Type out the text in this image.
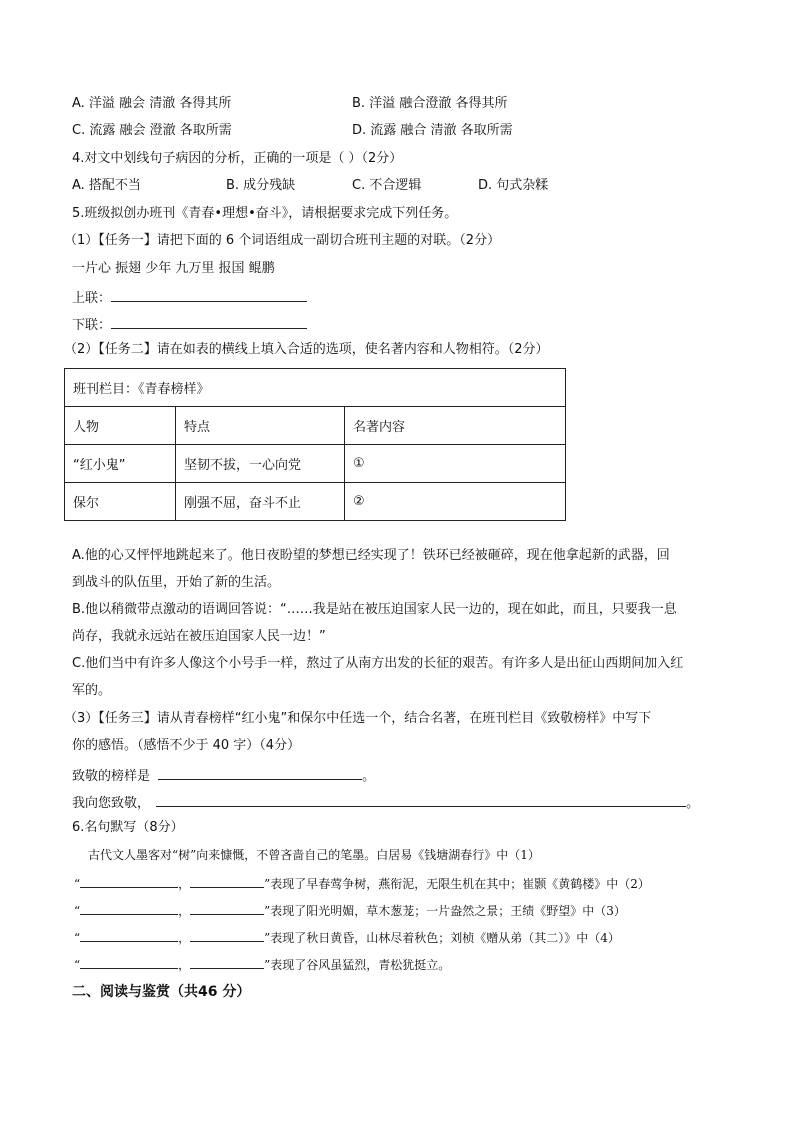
A. 洋溢 融会 清澈 各得其所	B. 洋溢 融合澄澈 各得其所
C. 流露 融会 澄澈 各取所需	D. 流露 融合 清澈 各取所需
4.对文中划线句子病因的分析，正确的一项是（ ）（2分）
A. 搭配不当	B. 成分残缺	C. 不合逻辑	D. 句式杂糅
5.班级拟创办班刊《青春•理想•奋斗》，请根据要求完成下列任务。
（1）【任务一】请把下面的 6 个词语组成一副切合班刊主题的对联。（2分）
一片心 振翅 少年 九万里 报国 鲲鹏
上联：
下联：
（2）【任务二】请在如表的横线上填入合适的选项，使名著内容和人物相符。（2分）
班刊栏目：《青春榜样》		
人物	特点	名著内容
“红小鬼”	坚韧不拔，一心向党	①
保尔	刚强不屈，奋斗不止	②
A.他的心又怦怦地跳起来了。他日夜盼望的梦想已经实现了！铁环已经被砸碎，现在他拿起新的武器，回
到战斗的队伍里，开始了新的生活。
B.他以稍微带点激动的语调回答说：“……我是站在被压迫国家人民一边的，现在如此，而且，只要我一息
尚存，我就永远站在被压迫国家人民一边！”
C.他们当中有许多人像这个小号手一样，熬过了从南方出发的长征的艰苦。有许多人是出征山西期间加入红
军的。
（3）【任务三】请从青春榜样“红小鬼”和保尔中任选一个，结合名著，在班刊栏目《致敬榜样》中写下
你的感悟。（感悟不少于 40 字）（4分）
致敬的榜样是	。
我向您致敬，	。
6.名句默写（8分）
古代文人墨客对“树”向来慷慨，不曾吝啬自己的笔墨。白居易《钱塘湖春行》中（1）
“	，	”表现了早春莺争树，燕衔泥，无限生机在其中；崔颢《黄鹤楼》中（2）
“	，	”表现了阳光明媚，草木葱茏；一片盎然之景；王绩《野望》中（3）
“	，	”表现了秋日黄昏，山林尽着秋色；刘桢《赠从弟（其二）》中（4）
“	，	”表现了谷风虽猛烈，青松犹挺立。
二、阅读与鉴赏（共46 分）
